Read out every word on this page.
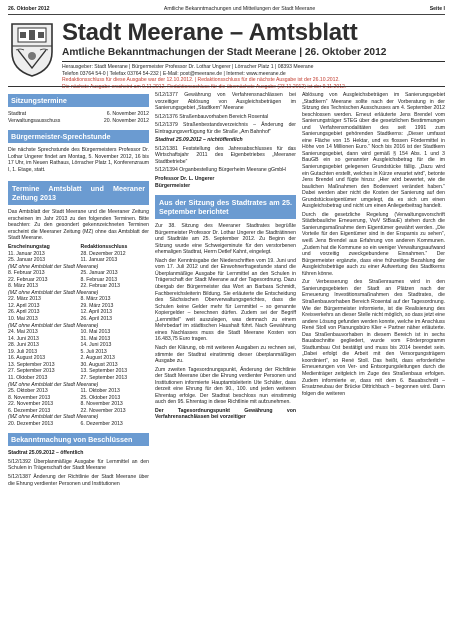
26. Oktober 2012	Amtliche Bekanntmachungen und Mitteilungen der Stadt Meerane	Seite I
Stadt Meerane – Amtsblatt
Amtliche Bekanntmachungen der Stadt Meerane | 26. Oktober 2012
Herausgeber: Stadt Meerane | Bürgermeister Professor Dr. Lothar Ungerer | Lörracher Platz 1 | 08393 Meerane
Telefon 03764 54-0 | Telefax 03764 54-232 | E-Mail: post@meerane.de | Internet: www.meerane.de
Redaktionsschluss für diese Ausgabe war der 12.10.2012. | Redaktionsschluss für die nächste Ausgabe ist der 26.10.2012.
Die nächste Ausgabe erscheint am 9.11.2012. Redaktionsschluss für die übernächste Ausgabe (23.11.2012) ist der 9.11.2012.
Sitzungstermine
Stadtrat	6. November 2012
Verwaltungsausschuss	20. November 2012
Bürgermeister-Sprechstunde
Die nächste Sprechstunde des Bürgermeisters Professor Dr. Lothar Ungerer findet am Montag, 5. November 2012, 16 bis 17 Uhr, im Neuen Rathaus, Lörracher Platz 1, Konferenzraum I, 1. Etage, statt.
Termine Amtsblatt und Meeraner Zeitung 2013
Das Amtsblatt der Stadt Meerane und die Meeraner Zeitung erscheinen im Jahr 2013 zu den folgenden Terminen. Bitte beachten: Zu den gesondert gekennzeichneten Terminen erscheint die Meeraner Zeitung (MZ) ohne das Amtsblatt der Stadt Meerane.
Erscheinungstag	Redaktionsschluss
11. Januar 2013	28. Dezember 2012
25. Januar 2013	11. Januar 2013
(MZ ohne Amtsblatt der Stadt Meerane)
8. Februar 2013	25. Januar 2013
22. Februar 2013	8. Februar 2013
8. März 2013	22. Februar 2013
(MZ ohne Amtsblatt der Stadt Meerane)
22. März 2013	8. März 2013
12. April 2013	29. März 2013
26. April 2013	12. April 2013
10. Mai 2013	26. April 2013
(MZ ohne Amtsblatt der Stadt Meerane)
24. Mai 2013	10. Mai 2013
14. Juni 2013	31. Mai 2013
28. Juni 2013	14. Juni 2013
19. Juli 2013	5. Juli 2013
16. August 2013	2. August 2013
13. September 2013	30. August 2013
27. September 2013	13. September 2013
11. Oktober 2013	27. September 2013
(MZ ohne Amtsblatt der Stadt Meerane)
25. Oktober 2013	11. Oktober 2013
8. November 2013	25. Oktober 2013
22. November 2013	8. November 2013
6. Dezember 2013	22. November 2013
(MZ ohne Amtsblatt der Stadt Meerane)
20. Dezember 2013	6. Dezember 2013
Bekanntmachung von Beschlüssen
Stadtrat 25.09.2012 – öffentlich
5/12/1392 Überplanmäßige Ausgabe für Lernmittel an den Schulen in Trägerschaft der Stadt Meerane
5/12/1387 Änderung der Richtlinie der Stadt Meerane über die Ehrung verdienter Personen und Institutionen
5/12/1377 Gewährung von Verfahrensnachlässen bei vorzeitiger Ablösung von Ausgleichsbeträgen im Sanierungsgebiet „Stadtkern“ Meerane
5/12/1376 Straßenbauvorhaben Bereich Rosental
5/12/1379 Straßenbestandsverzeichnis – Änderung der Eintragungsverfügung für die Straße „Am Bahnhof“
Stadtrat 25.09.2012 – nichtöffentlich
5/12/1381 Feststellung des Jahresabschlusses für das Wirtschaftsjahr 2011 des Eigenbetriebes „Meeraner Stadtbetriebe“
5/12/1394 Organbestellung Bürgerheim Meerane gGmbH
Professor Dr. L. Ungerer
Bürgermeister
Aus der Sitzung des Stadtrates am 25. September berichtet
Zur 38. Sitzung des Meeraner Stadtrates begrüßte Bürgermeister Professor Dr. Lothar Ungerer die Stadträtinnen und Stadträte am 25. September 2012. Zu Beginn der Sitzung wurde eine Schweigeminute für den verstorbenen ehemaligen Stadtrat, Herrn Detlef Kahnt, eingelegt.
Nach der Kenntnisgabe der Niederschriften vom 19. Juni und vom 17. Juli 2012 und der Einwohnerfragestunde stand die Überplanmäßige Ausgabe für Lernmittel an den Schulen in Trägerschaft der Stadt Meerane auf der Tagesordnung. Dazu übergab der Bürgermeister das Wort an Barbara Schmidt, Fachbereichsleiterin Bildung. Sie erläuterte die Entscheidung des Sächsischen Oberverwaltungsgerichtes, dass die Schulen keine Gelder mehr für Lernmittel – so genannte Kopiergelder – berechnen dürfen. Zudem sei der Begriff „Lernmittel“ weit auszulegen, was demnach zu einem Mehrbedarf im städtischen Haushalt führt. Nach Gewährung eines Nachlasses muss die Stadt Meerane Kosten von 16.483,75 Euro tragen.
Nach der Klärung, ob mit weiteren Ausgaben zu rechnen sei, stimmte der Stadtrat einstimmig dieser überplanmäßigen Ausgabe zu.
Zum zweiten Tagesordnungspunkt, Änderung der Richtlinie der Stadt Meerane über die Ehrung verdienter Personen und Institutionen informierte Hauptamtsleiterin Ute Schäfer, dass derzeit eine Ehrung für den 90., 100. und jeden weiteren Ehrentag erfolge. Der Stadtrat beschloss nun einstimmig auch den 95. Ehrentag in diese Richtlinie mit aufzunehmen.
Der Tagesordnungspunkt Gewährung von Verfahrensnachlässen bei vorzeitiger
Ablösung von Ausgleichsbeträgen im Sanierungsgebiet „Stadtkern“ Meerane sollte nach der Vorberatung in der Sitzung des Technischen Ausschusses am 4. September 2012 beschlossen werden. Erneut erläuterte Jens Brendel vom Sanierungsträger STEG über die gesetzlichen Bestimmungen und Verfahrensmodalitäten des seit 1991 zum Sanierungsgebiet gehörenden Stadtkerns: „Dieser umfasst eine Fläche von 15 Hektar, und es flossen Fördermittel in Höhe von 14 Millionen Euro.“ Noch bis 2016 ist der Stadtkern Sanierungsgebiet, dann wird gemäß § 154 Abs. 1 und 3 BauGB ein so genannter Ausgleichsbetrag für die im Sanierungsgebiet gelegenen Grundstücke fällig. „Dazu wird ein Gutachten erstellt, welches in Kürze erwartet wird“, betonte Jens Brendel und fügte hinzu: „Hier wird bewertet, wie die baulichen Maßnahmen den Bodenwert verändert haben.“ Dabei werden aber nicht die Kosten der Sanierung auf den Grundstückseigentümer umgelegt, da es sich um einen Ausgleichsbetrag und nicht um einen Anliegerbeitrag handelt.
Durch die gesetzliche Regelung (Verwaltungsvorschrift Städtebauliche Erneuerung, VwV StBauE) stehen durch die Sanierungsmaßnahme dem Eigentümer gewährt werden. „Die Vorteile für den Eigentümer sind in der Ersparnis zu sehen“, weiß Jens Brendel aus Erfahrung von anderen Kommunen. „Zudem hat die Kommune so ein weniger Verwaltungsaufwand und vorzeitig zweckgebundene Einnahmen.“ Der Bürgermeister ergänzte, dass eine frühzeitige Bezahlung der Ausgleichsbeträge auch zu einer Aufwertung des Stadtkerns führen könne.
Zur Verbesserung des Straßenraumes wird in den Sanierungsgebieten der Stadt an Plätzen nach der Erneuerung Investitionsmaßnahmen des Stadtrates, die Straßenbauvorhaben Bereich Rosental auf der Tagesordnung. Wie der Bürgermeister informierte, ist die Realisierung des Kreisverkehrs an dieser Stelle nicht möglich, so dass jetzt eine andere Lösung gefunden werden konnte, welche im Anschluss René Stoll von Planungsbüro Klier + Partner näher erläuterte. Das Straßenbauvorhaben in diesem Bereich ist in sechs Bauabschnitte gegliedert, wurde vom Förderprogramm Stadtumbau Ost bestätigt und muss bis 2014 beendet sein. „Dabei erfolgt die Arbeit mit den Versorgungsträgern koordiniert“, so René Stoll. Das heißt, dass erforderliche Erneuerungen von Ver- und Entsorgungsleitungen durch die Medienträger zeitgleich im Zuge des Straßenbaus erfolgen. Zudem informierte er, dass mit dem 6. Bauabschnitt – Ersatzneubau der Brücke Dittrichbach – begonnen wird. Dann folgen die weiteren
